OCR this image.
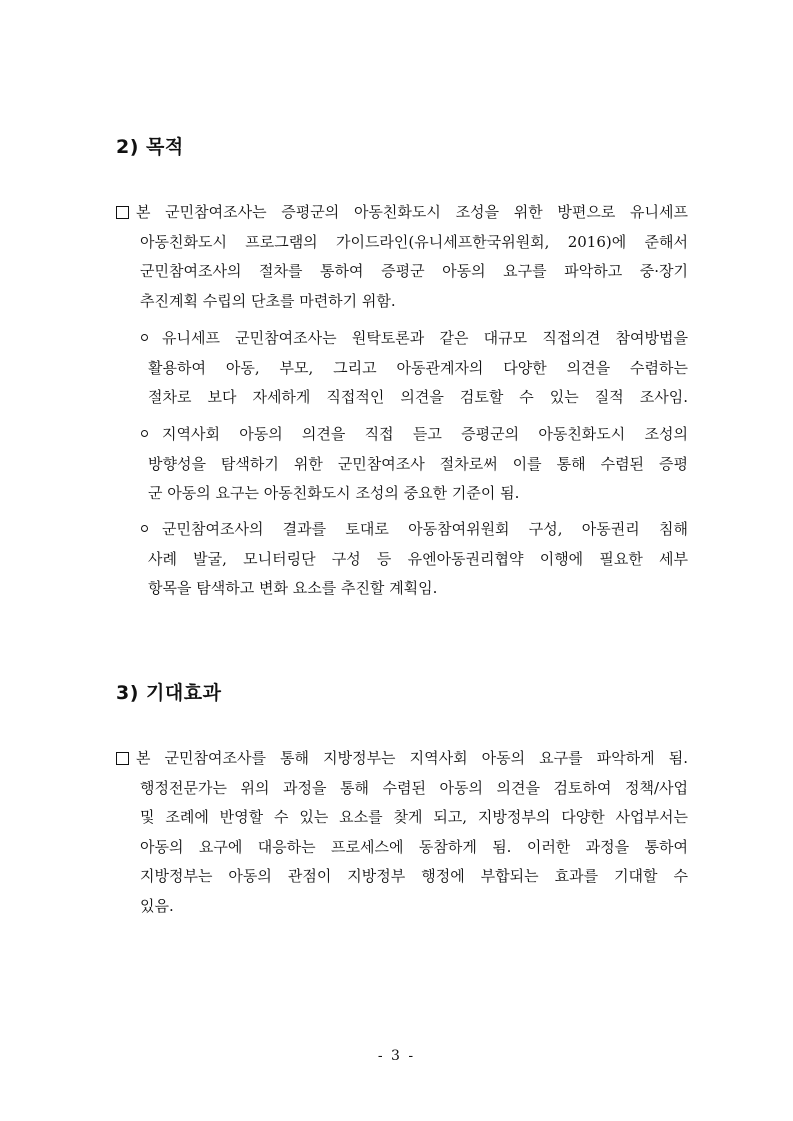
2) 목적
본 군민참여조사는 증평군의 아동친화도시 조성을 위한 방편으로 유니세프
아동친화도시 프로그램의 가이드라인(유니세프한국위원회, 2016)에 준해서
군민참여조사의 절차를 통하여 증평군 아동의 요구를 파악하고 중·장기
추진계획 수립의 단초를 마련하기 위함.
유니세프 군민참여조사는 원탁토론과 같은 대규모 직접의견 참여방법을
활용하여 아동, 부모, 그리고 아동관계자의 다양한 의견을 수렴하는
절차로 보다 자세하게 직접적인 의견을 검토할 수 있는 질적 조사임.
지역사회 아동의 의견을 직접 듣고 증평군의 아동친화도시 조성의
방향성을 탐색하기 위한 군민참여조사 절차로써 이를 통해 수렴된 증평
군 아동의 요구는 아동친화도시 조성의 중요한 기준이 됨.
군민참여조사의 결과를 토대로 아동참여위원회 구성, 아동권리 침해
사례 발굴, 모니터링단 구성 등 유엔아동권리협약 이행에 필요한 세부
항목을 탐색하고 변화 요소를 추진할 계획임.
3) 기대효과
본 군민참여조사를 통해 지방정부는 지역사회 아동의 요구를 파악하게 됨.
행정전문가는 위의 과정을 통해 수렴된 아동의 의견을 검토하여 정책/사업
및 조례에 반영할 수 있는 요소를 찾게 되고, 지방정부의 다양한 사업부서는
아동의 요구에 대응하는 프로세스에 동참하게 됨. 이러한 과정을 통하여
지방정부는 아동의 관점이 지방정부 행정에 부합되는 효과를 기대할 수
있음.
- 3 -
